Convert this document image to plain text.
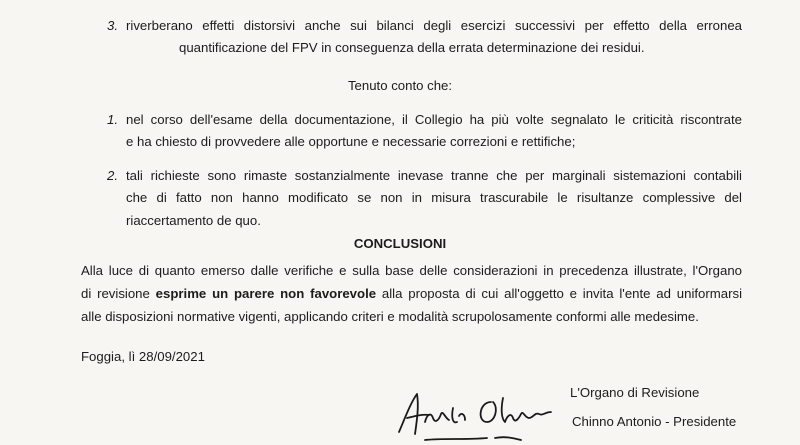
3. riverberano effetti distorsivi anche sui bilanci degli esercizi successivi per effetto della erronea
quantificazione del FPV in conseguenza della errata determinazione dei residui.
Tenuto conto che:
1. nel corso dell'esame della documentazione, il Collegio ha più volte segnalato le criticità riscontrate
e ha chiesto di provvedere alle opportune e necessarie correzioni e rettifiche;
2. tali richieste sono rimaste sostanzialmente inevase tranne che per marginali sistemazioni contabili
che di fatto non hanno modificato se non in misura trascurabile le risultanze complessive del
riaccertamento de quo.
CONCLUSIONI
Alla luce di quanto emerso dalle verifiche e sulla base delle considerazioni in precedenza illustrate, l'Organo
di revisione esprime un parere non favorevole alla proposta di cui all'oggetto e invita l'ente ad uniformarsi
alle disposizioni normative vigenti, applicando criteri e modalità scrupolosamente conformi alle medesime.
Foggia, lì 28/09/2021
L'Organo di Revisione
Chinno Antonio - Presidente
